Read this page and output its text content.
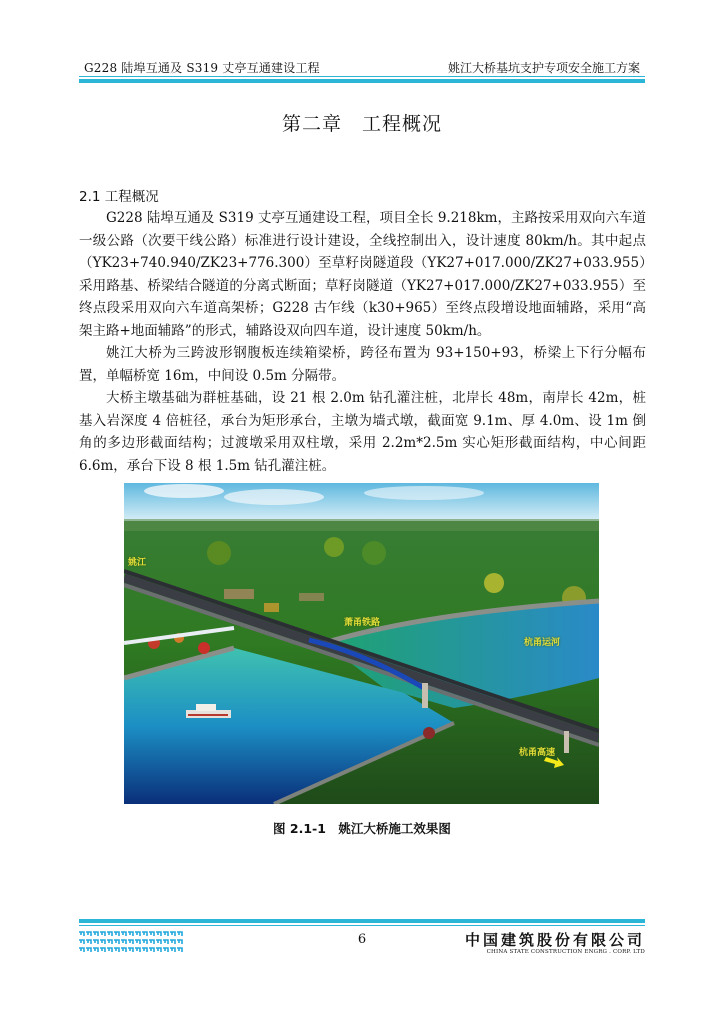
G228 陆埠互通及 S319 丈亭互通建设工程	姚江大桥基坑支护专项安全施工方案
第二章　工程概况
2.1 工程概况

G228 陆埠互通及 S319 丈亭互通建设工程，项目全长 9.218km，主路按采用双向六车道一级公路（次要干线公路）标准进行设计建设，全线控制出入，设计速度 80km/h。其中起点（YK23+740.940/ZK23+776.300）至草籽岗隧道段（YK27+017.000/ZK27+033.955）采用路基、桥梁结合隧道的分离式断面；草籽岗隧道（YK27+017.000/ZK27+033.955）至终点段采用双向六车道高架桥；G228 古乍线（k30+965）至终点段增设地面辅路，采用“高架主路+地面辅路”的形式，辅路设双向四车道，设计速度 50km/h。

姚江大桥为三跨波形钢腹板连续箱梁桥，跨径布置为 93+150+93，桥梁上下行分幅布置，单幅桥宽 16m，中间设 0.5m 分隔带。

大桥主墩基础为群桩基础，设 21 根 2.0m 钻孔灌注桩，北岸长 48m，南岸长 42m，桩基入岩深度 4 倍桩径，承台为矩形承台，主墩为墙式墩，截面宽 9.1m、厚 4.0m、设 1m 倒角的多边形截面结构；过渡墩采用双柱墩，采用 2.2m*2.5m 实心矩形截面结构，中心间距 6.6m，承台下设 8 根 1.5m 钻孔灌注桩。

姚江
萧甬铁路
杭甬运河
杭甬高速
图 2.1-1　姚江大桥施工效果图
6	中国建筑股份有限公司
CHINA STATE CONSTRUCTION ENGRG . CORP. LTD
